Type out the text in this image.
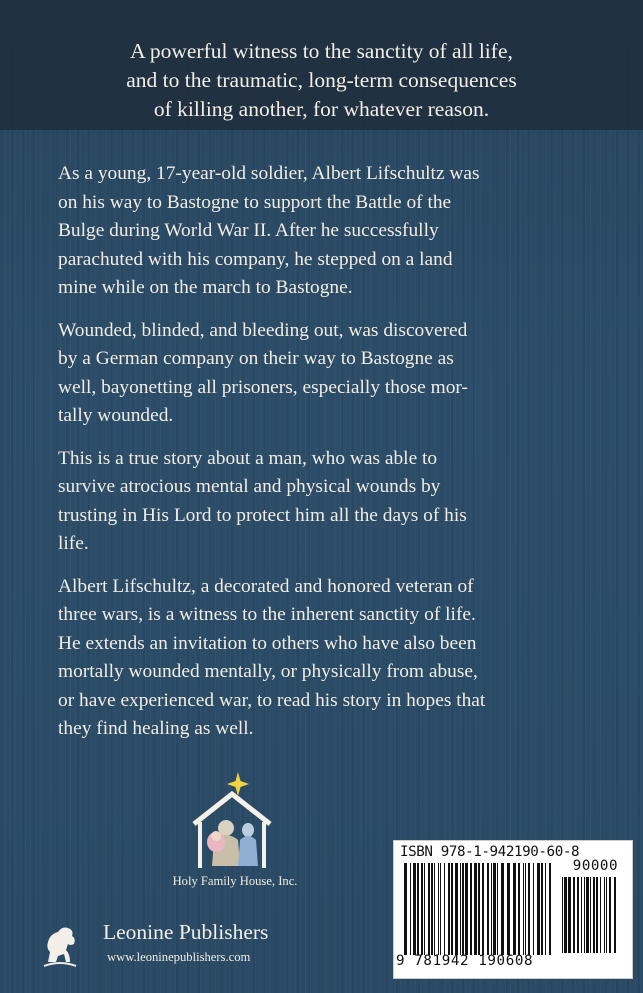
A powerful witness to the sanctity of all life,
and to the traumatic, long-term consequences
of killing another, for whatever reason.

As a young, 17-year-old soldier, Albert Lifschultz was
on his way to Bastogne to support the Battle of the
Bulge during World War II. After he successfully
parachuted with his company, he stepped on a land
mine while on the march to Bastogne.

Wounded, blinded, and bleeding out, was discovered
by a German company on their way to Bastogne as
well, bayonetting all prisoners, especially those mor-
tally wounded.

This is a true story about a man, who was able to
survive atrocious mental and physical wounds by
trusting in His Lord to protect him all the days of his
life.

Albert Lifschultz, a decorated and honored veteran of
three wars, is a witness to the inherent sanctity of life.
He extends an invitation to others who have also been
mortally wounded mentally, or physically from abuse,
or have experienced war, to read his story in hopes that
they find healing as well.

Holy Family House, Inc.
Leonine Publishers
www.leoninepublishers.com
ISBN 978-1-942190-60-8
90000
9 781942 190608
